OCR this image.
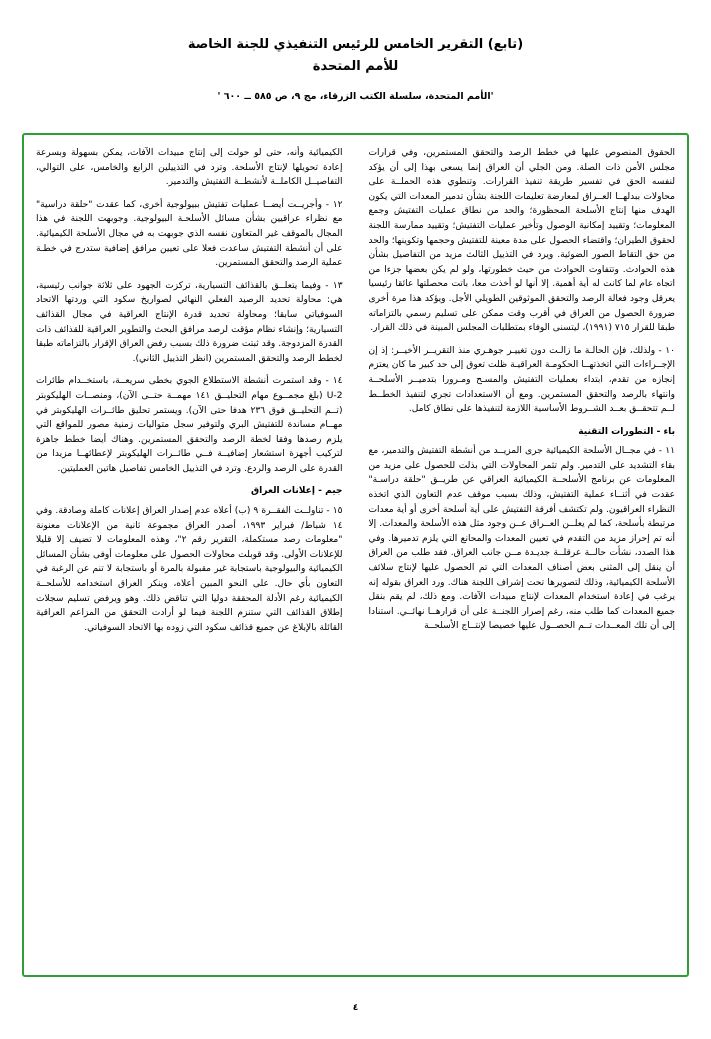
(تابع) التقرير الخامس للرئيس التنفيذي للجنة الخاصة
للأمم المتحدة

'الأمم المتحدة، سلسلة الكتب الزرقاء، مج ٩، ص ٥٨٥ ــ ٦٠٠ '

الحقوق المنصوص عليها في خطط الرصد والتحقق المستمرين، وفي قرارات مجلس الأمن ذات الصلة. ومن الجلي أن العراق إنما يسعى بهذا إلى أن يؤكد لنفسه الحق في تفسير طريقة تنفيذ القرارات. وتنطوي هذه الحملــة على محاولات ببدلهــا العــراق لمعارضة تعليمات اللجنة بشأن تدمير المعدات التي يكون الهدف منها إنتاج الأسلحة المحظورة؛ والحد من نطاق عمليات التفتيش وجمع المعلومات؛ وتقييد إمكانية الوصول وتأخير عمليات التفتيش؛ وتقييد ممارسة اللجنة لحقوق الطيران؛ واقتضاء الحصول على مدة معينة للتفتيش وحجمها وتكوينها؛ والحد من حق التقاط الصور الضوئية. ويرد في التذييل الثالث مزيد من التفاصيل بشأن هذه الحوادث. وتتفاوت الحوادث من حيث خطورتها، ولو لم يكن بعضها جزءا من اتجاه عام لما كانت له أية أهمية. إلا أنها لو أخذت معا، باتت محصلتها عائقا رئيسيا يعرقل وجود فعالة الرصد والتحقق الموثوقين الطويلي الأجل. ويؤكد هذا مرة أخرى ضرورة الحصول من العراق في أقرب وقت ممكن على تسليم رسمي بالتزاماته طبقا للقرار ٧١٥ (١٩٩١)، ليتسنى الوفاء بمتطلبات المجلس المبينة في ذلك القرار.

١٠ - ولذلك، فإن الحالـة ما زالـت دون تغييـر جوهـري منذ التقريــر الأخيــر: إذ إن الإجــراءات التي اتخذتهــا الحكومـة العراقيـة ظلت تعوق إلى حد كبير ما كان يعتزم إنجازه من تقدم، ابتداء بعمليات التفتيش والمسـح ومـرورا بتدميــر الأسلحــة وانتهاء بالرصد والتحقق المستمرين. ومع أن الاستعدادات تجري لتنفيذ الخطــط لــم تتحقــق بعــد الشــروط الأساسية اللازمة لتنفيذها على نطاق كامل.

باء - التطورات التقنية

١١ - في مجــال الأسلحة الكيميائية جرى المزيــد من أنشطة التفتيش والتدمير، مع بقاء التشديد على التدمير. ولم تثمر المحاولات التي بذلت للحصول على مزيد من المعلومات عن برنامج الأسلحــة الكيميائية العراقي عن طريــق "حلقة دراسـة" عقدت في أثنــاء عملية التفتيش، وذلك بسبب موقف عدم التعاون الذي اتخذه النظراء العراقيون. ولم تكتشف أفرقة التفتيش على أية أسلحة أخرى أو أية معدات مرتبطة بأسلحة، كما لم يعلــن العــراق عــن وجود مثل هذه الأسلحة والمعدات. إلا أنه تم إحراز مزيد من التقدم في تعيين المعدات والمحانع التي يلزم تدميرها. وفي هذا الصدد، نشأت حالــة عرقلــة جديـدة مــن جانب العراق. فقد طلب من العراق أن ينقل إلى المثنى بعض أصناف المعدات التي تم الحصول عليها لإنتاج سلائف الأسلحة الكيميائية، وذلك لتصويرها تحت إشراف اللجنة هناك. ورد العراق بقوله إنه يرغب في إعادة استخدام المعدات لإنتاج مبيدات الآفات. ومع ذلك، لم يقم بنقل جميع المعدات كما طلب منه، رغم إصرار اللجنــة على أن قرارهــا نهائــي. استنادا إلى أن تلك المعــدات تــم الحصــول عليها خصيصا لإنتــاج الأسلحــة

الكيميائية وأنه، حتى لو حولت إلى إنتاج مبيدات الآفات، يمكن بسهولة وبسرعة إعادة تحويلها لإنتاج الأسلحة. وترد في التذييلين الرابع والخامس، على التوالي، التفاصيــل الكاملــة لأنشطــة التفتيش والتدمير.

١٢ - وأجريــت أيضــا عمليات تفتيش ببيولوجية أخرى، كما عقدت "حلقة دراسية" مع نظراء عراقيين بشأن مسائل الأسلحـة البيولوجية. وجوبهت اللجنة في هذا المجال بالموقف غير المتعاون نفسه الذي جوبهت به في مجال الأسلحة الكيميائية. على أن أنشطة التفتيش ساعدت فعلا على تعيين مرافق إضافية ستدرج في خطـة عملية الرصد والتحقق المستمرين.

١٣ - وفيما يتعلــق بالقذائف التسيارية، تركزت الجهود على ثلاثة جوانب رئيسية، هي: محاولة تحديد الرصيد الفعلي النهائي لصواريخ سكود التي وردتها الاتحاد السوفياتي سابقا؛ ومحاولة تحديد قدرة الإنتاج العراقية في مجال القذائف التسيارية؛ وإنشاء نظام مؤقت لرصد مرافق البحث والتطوير العراقية للقذائف ذات القدرة المزدوجة. وقد ثبتت ضرورة ذلك بسبب رفض العراق الإقرار بالتزاماته طبقا لخطط الرصد والتحقق المستمرين (انظر التذييل الثاني).

١٤ - وقد استمرت أنشطة الاستطلاع الجوي بخطى سريعــة، باستخــدام طائرات U-2 (بلغ مجمــوع مهام التحليــق ١٤١ مهمــة حتــى الآن)، ومنصــات الهليكوبتر (تــم التحليــق فوق ٢٣٦ هدفا حتى الآن). ويستمر تحليق طائــرات الهليكوبتر في مهــام مساندة للتفتيش البري ولتوفير سجل متواليات زمنية مصور للمواقع التي يلزم رصدها وفقا لخطة الرصد والتحقق المستمرين. وهناك أيضا خطط جاهزة لتركيب أجهزة استشعار إضافيــة فــي طائــرات الهليكوبتر لإعطائهــا مزيدا من القدرة على الرصد والردع. وترد في التذييل الخامس تفاصيل هاتين العمليتين.

جيم - إعلانات العراق

١٥ - تناولــت الفقــرة ٩ (ب) أعلاه عدم إصدار العراق إعلانات كاملة وصادقة. وفي ١٤ شباط/ فبراير ١٩٩٣، أصدر العراق مجموعة ثانية من الإعلانات معنونة "معلومات رصد مستكملة، التقرير رقم ٢"، وهذه المعلومات لا تضيف إلا قليلا للإعلانات الأولى. وقد قوبلت محاولات الحصول على معلومات أوفى بشأن المسائل الكيميائية والبيولوجية باستجابة غير مقبولة بالمرة أو باستجابة لا تنم عن الرغبة في التعاون بأي حال. على النحو المبين أعلاه، وينكر العراق استخدامه للأسلحــة الكيميائية رغم الأدلة المحققة دوليا التي تناقض ذلك. وهو ويرفض تسليم سجلات إطلاق القذائف التي ستنزم اللجنة فيما لو أرادت التحقق من المزاعم العراقية القائلة بالإبلاغ عن جميع قذائف سكود التي زوده بها الاتحاد السوفياتي.

٤
